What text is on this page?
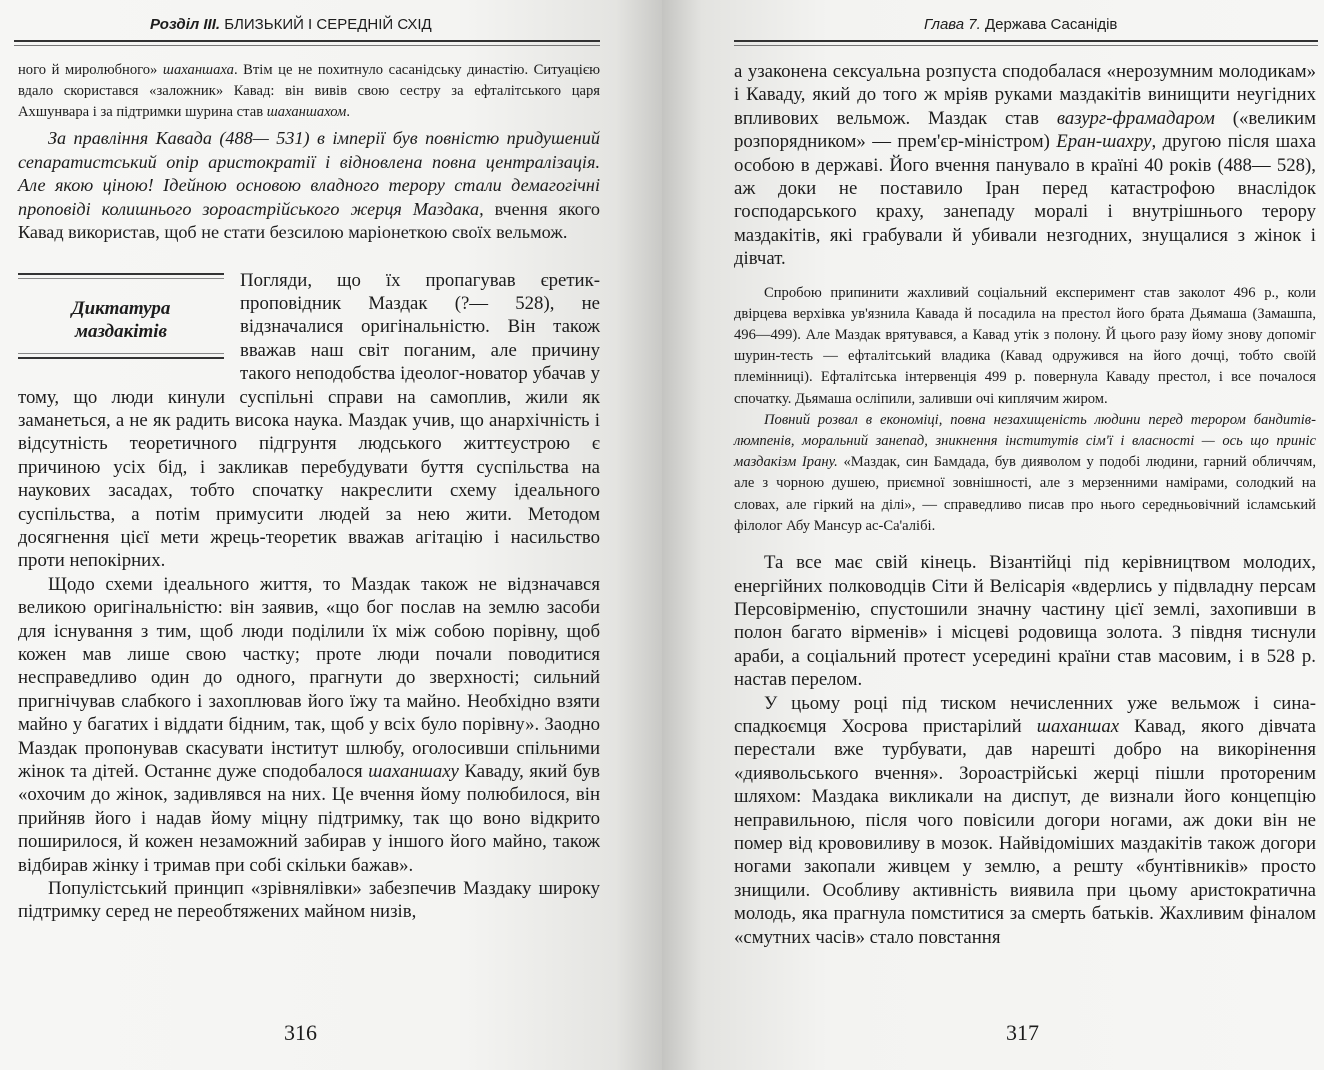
Розділ III. БЛИЗЬКИЙ І СЕРЕДНІЙ СХІД

ного й миролюбного» шаханшаха. Втім це не похитнуло сасанідську династію. Ситуацією вдало скористався «заложник» Кавад: він вивів свою сестру за ефталітського царя Ахшунвара і за підтримки шурина став шаханшахом.

За правління Кавада (488— 531) в імперії був повністю придушений сепаратистський опір аристократії і відновлена повна централізація. Але якою ціною! Ідейною основою владного терору стали демагогічні проповіді колишнього зороастрійського жерця Маздака, вчення якого Кавад використав, щоб не стати безсилою маріонеткою своїх вельмож.

Диктатура
маздакітів

Погляди, що їх пропагував єретик-проповідник Маздак (?— 528), не відзначалися оригінальністю. Він також вважав наш світ поганим, але причину такого неподобства ідеолог-новатор убачав у тому, що люди кинули суспільні справи на самоплив, жили як заманеться, а не як радить висока наука. Маздак учив, що анархічність і відсутність теоретичного підгрунтя людського життєустрою є причиною усіх бід, і закликав перебудувати буття суспільства на наукових засадах, тобто спочатку накреслити схему ідеального суспільства, а потім примусити людей за нею жити. Методом досягнення цієї мети жрець-теоретик вважав агітацію і насильство проти непокірних.

Щодо схеми ідеального життя, то Маздак також не відзначався великою оригінальністю: він заявив, «що бог послав на землю засоби для існування з тим, щоб люди поділили їх між собою порівну, щоб кожен мав лише свою частку; проте люди почали поводитися несправедливо один до одного, прагнути до зверхності; сильний пригнічував слабкого і захоплював його їжу та майно. Необхідно взяти майно у багатих і віддати бідним, так, щоб у всіх було порівну». Заодно Маздак пропонував скасувати інститут шлюбу, оголосивши спільними жінок та дітей. Останнє дуже сподобалося шаханшаху Каваду, який був «охочим до жінок, задивлявся на них. Це вчення йому полюбилося, він прийняв його і надав йому міцну підтримку, так що воно відкрито поширилося, й кожен незаможний забирав у іншого його майно, також відбирав жінку і тримав при собі скільки бажав».

Популістський принцип «зрівнялівки» забезпечив Маздаку широку підтримку серед не переобтяжених майном низів,

316
Глава 7. Держава Сасанідів

а узаконена сексуальна розпуста сподобалася «нерозумним молодикам» і Каваду, який до того ж мріяв руками маздакітів винищити неугідних впливових вельмож. Маздак став вазург-фрамадаром («великим розпорядником» — прем'єр-міністром) Еран-шахру, другою після шаха особою в державі. Його вчення панувало в країні 40 років (488— 528), аж доки не поставило Іран перед катастрофою внаслідок господарського краху, занепаду моралі і внутрішнього терору маздакітів, які грабували й убивали незгодних, знущалися з жінок і дівчат.

Спробою припинити жахливий соціальний експеримент став заколот 496 р., коли двірцева верхівка ув'язнила Кавада й посадила на престол його брата Дьямаша (Замашпа, 496—499). Але Маздак врятувався, а Кавад утік з полону. Й цього разу йому знову допоміг шурин-тесть — ефталітський владика (Кавад одружився на його дочці, тобто своїй племінниці). Ефталітська інтервенція 499 р. повернула Каваду престол, і все почалося спочатку. Дьямаша осліпили, заливши очі киплячим жиром.

Повний розвал в економіці, повна незахищеність людини перед терором бандитів-люмпенів, моральний занепад, зникнення інститутів сім'ї і власності — ось що приніс маздакізм Ірану. «Маздак, син Бамдада, був дияволом у подобі людини, гарний обличчям, але з чорною душею, приємної зовнішності, але з мерзенними намірами, солодкий на словах, але гіркий на ділі», — справедливо писав про нього середньовічний ісламський філолог Абу Мансур ас-Са'алібі.

Та все має свій кінець. Візантійці під керівництвом молодих, енергійних полководців Сіти й Велісарія «вдерлись у підвладну персам Персовірменію, спустошили значну частину цієї землі, захопивши в полон багато вірменів» і місцеві родовища золота. З півдня тиснули араби, а соціальний протест усередині країни став масовим, і в 528 р. настав перелом.

У цьому році під тиском нечисленних уже вельмож і сина-спадкоємця Хосрова пристарілий шаханшах Кавад, якого дівчата перестали вже турбувати, дав нарешті добро на викорінення «диявольського вчення». Зороастрійські жерці пішли протореним шляхом: Маздака викликали на диспут, де визнали його концепцію неправильною, після чого повісили догори ногами, аж доки він не помер від крововиливу в мозок. Найвідоміших маздакітів також догори ногами закопали живцем у землю, а решту «бунтівників» просто знищили. Особливу активність виявила при цьому аристократична молодь, яка прагнула помститися за смерть батьків. Жахливим фіналом «смутних часів» стало повстання

317
